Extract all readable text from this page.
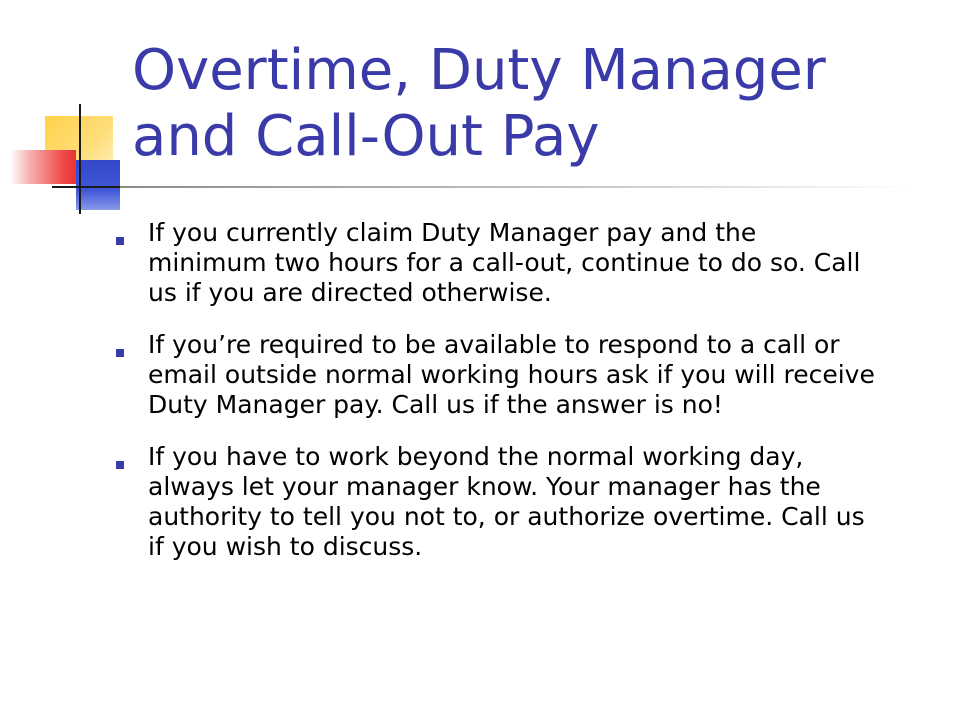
Overtime, Duty Manager and Call-Out Pay
If you currently claim Duty Manager pay and the minimum two hours for a call-out, continue to do so. Call us if you are directed otherwise.
If you’re required to be available to respond to a call or email outside normal working hours ask if you will receive Duty Manager pay. Call us if the answer is no!
If you have to work beyond the normal working day, always let your manager know. Your manager has the authority to tell you not to, or authorize overtime. Call us if you wish to discuss.
